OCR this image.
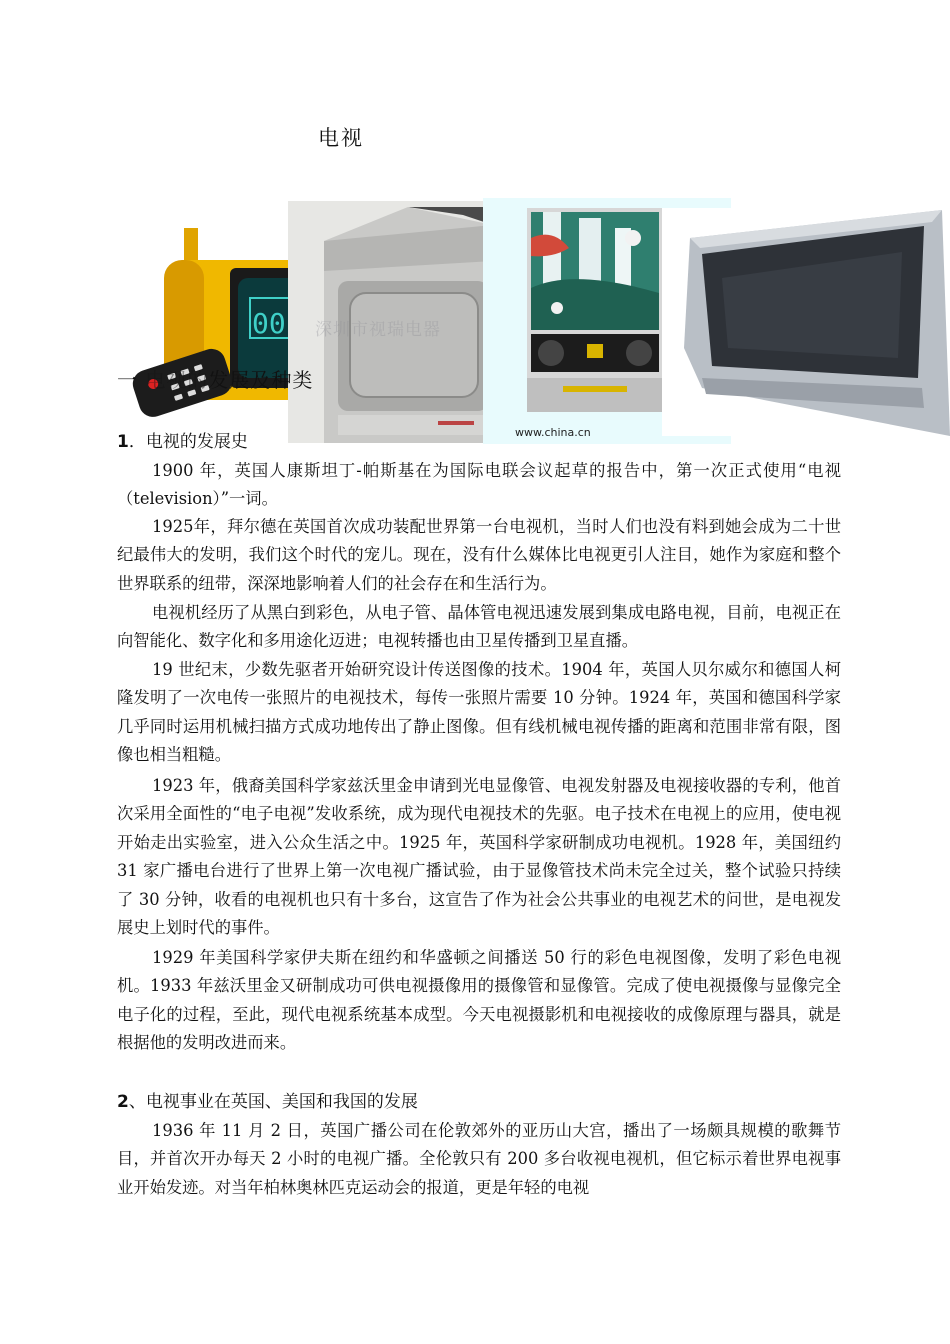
电视
00 深圳市视瑞电器
www.china.cn
一 电视的发展及种类
1．电视的发展史

1900 年，英国人康斯坦丁-帕斯基在为国际电联会议起草的报告中，第一次正式使用“电视（television）”一词。

1925年，拜尔德在英国首次成功装配世界第一台电视机，当时人们也没有料到她会成为二十世纪最伟大的发明，我们这个时代的宠儿。现在，没有什么媒体比电视更引人注目，她作为家庭和整个世界联系的纽带，深深地影响着人们的社会存在和生活行为。

电视机经历了从黑白到彩色，从电子管、晶体管电视迅速发展到集成电路电视，目前，电视正在向智能化、数字化和多用途化迈进；电视转播也由卫星传播到卫星直播。

19 世纪末，少数先驱者开始研究设计传送图像的技术。1904 年，英国人贝尔威尔和德国人柯隆发明了一次电传一张照片的电视技术，每传一张照片需要 10 分钟。1924 年，英国和德国科学家几乎同时运用机械扫描方式成功地传出了静止图像。但有线机械电视传播的距离和范围非常有限，图像也相当粗糙。

1923 年，俄裔美国科学家兹沃里金申请到光电显像管、电视发射器及电视接收器的专利，他首次采用全面性的“电子电视”发收系统，成为现代电视技术的先驱。电子技术在电视上的应用，使电视开始走出实验室，进入公众生活之中。1925 年，英国科学家研制成功电视机。1928 年，美国纽约 31 家广播电台进行了世界上第一次电视广播试验，由于显像管技术尚未完全过关，整个试验只持续了 30 分钟，收看的电视机也只有十多台，这宣告了作为社会公共事业的电视艺术的问世，是电视发展史上划时代的事件。

1929 年美国科学家伊夫斯在纽约和华盛顿之间播送 50 行的彩色电视图像，发明了彩色电视机。1933 年兹沃里金又研制成功可供电视摄像用的摄像管和显像管。完成了使电视摄像与显像完全电子化的过程，至此，现代电视系统基本成型。今天电视摄影机和电视接收的成像原理与器具，就是根据他的发明改进而来。

2、电视事业在英国、美国和我国的发展

1936 年 11 月 2 日，英国广播公司在伦敦郊外的亚历山大宫，播出了一场颇具规模的歌舞节目，并首次开办每天 2 小时的电视广播。全伦敦只有 200 多台收视电视机，但它标示着世界电视事业开始发迹。对当年柏林奥林匹克运动会的报道，更是年轻的电视
